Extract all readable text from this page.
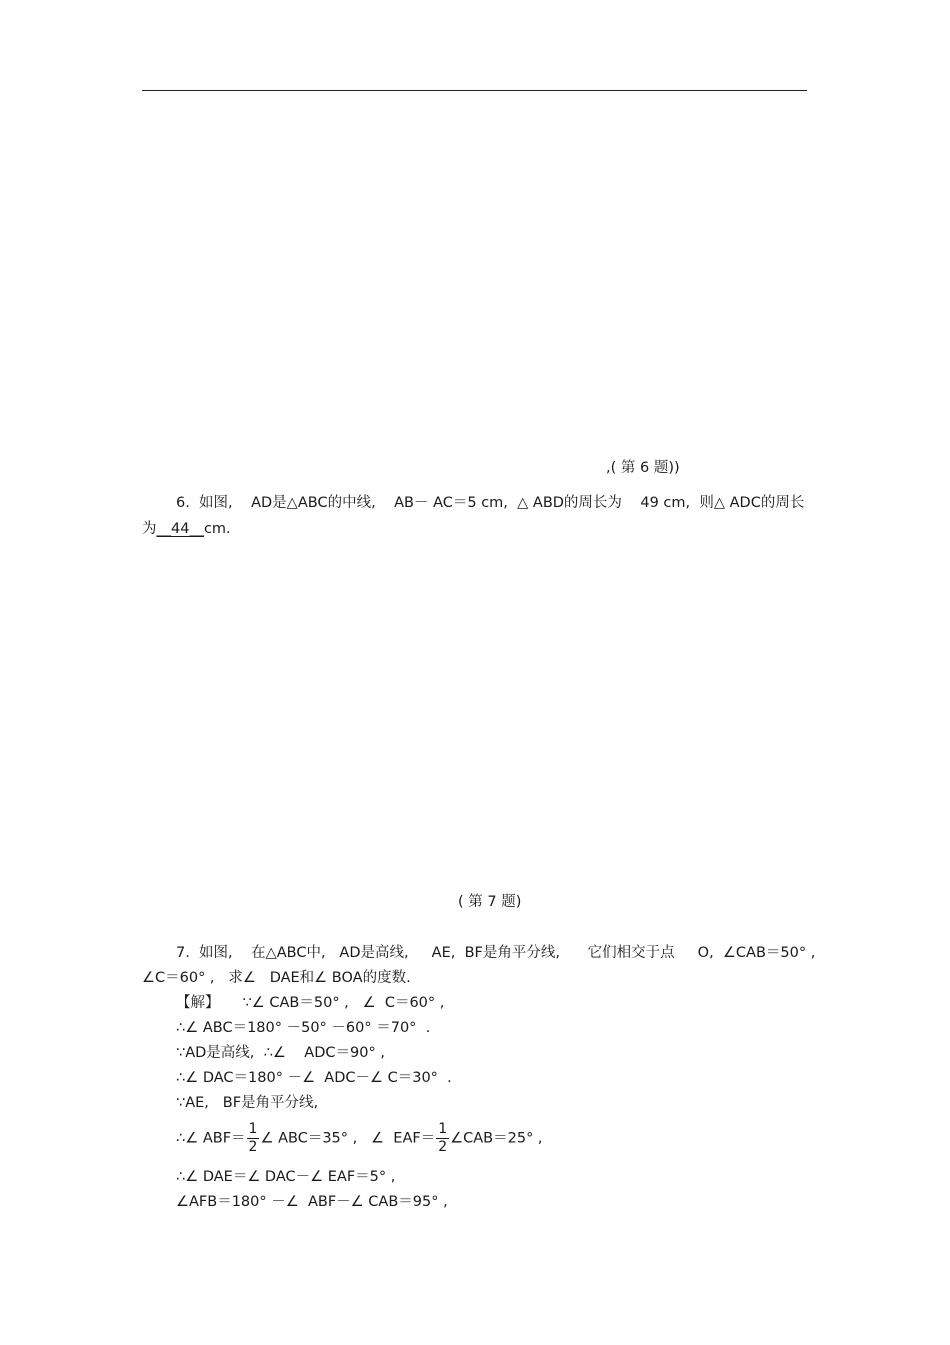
,( 第 6 题))
6.  如图,    AD是△ABC的中线,    AB－ AC＝5 cm,  △ ABD的周长为    49 cm,  则△ ADC的周长
为__44__cm.
( 第 7 题)
7.  如图,    在△ABC中,   AD是高线,     AE,  BF是角平分线,      它们相交于点     O,  ∠CAB＝50° ,
∠C＝60° ,   求∠   DAE和∠ BOA的度数.
【解】     ∵∠ CAB＝50° ,   ∠  C＝60° ,
∴∠ ABC＝180° －50° －60° ＝70°  .
∵AD是高线,  ∴∠    ADC＝90° ,
∴∠ DAC＝180° －∠  ADC－∠ C＝30°  .
∵AE,   BF是角平分线,
∴∠ $ABF= \frac{1}{2}$ ∠ ABC＝35° ,   ∠  $EAF= \frac{1}{2}$ ∠CAB＝25° ,
∴∠ DAE＝∠ DAC－∠ EAF＝5° ,
∠AFB＝180° －∠  ABF－∠ CAB＝95° ,
